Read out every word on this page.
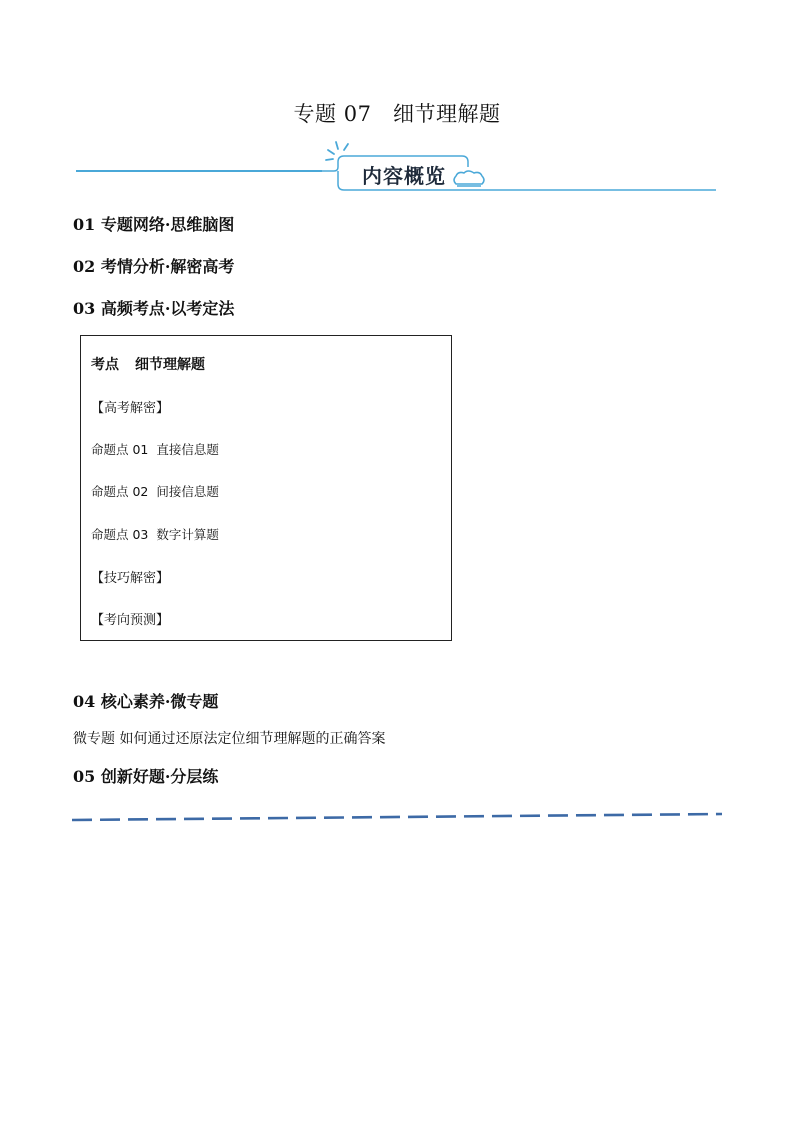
专题 07　细节理解题
内容概览

01 专题网络·思维脑图

02 考情分析·解密高考

03 高频考点·以考定法

考点 细节理解题
【高考解密】
命题点 01 直接信息题
命题点 02 间接信息题
命题点 03 数字计算题
【技巧解密】
【考向预测】

04 核心素养·微专题

微专题 如何通过还原法定位细节理解题的正确答案

05 创新好题·分层练
